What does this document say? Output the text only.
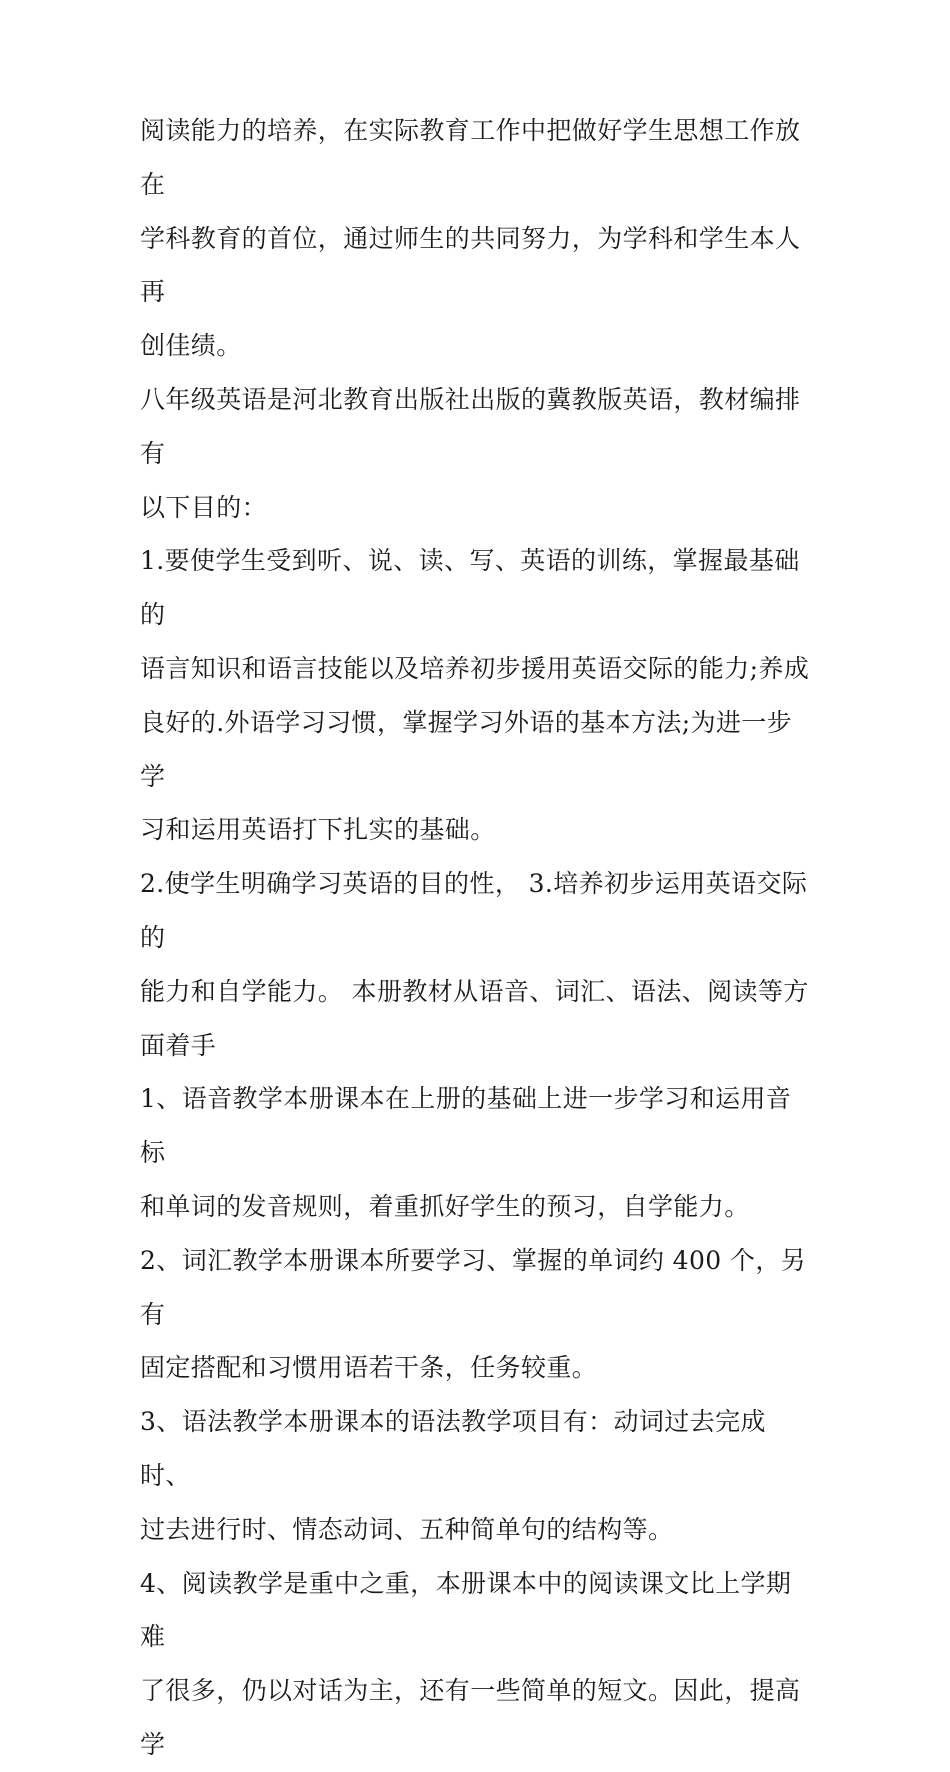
阅读能力的培养，在实际教育工作中把做好学生思想工作放在
学科教育的首位，通过师生的共同努力，为学科和学生本人再
创佳绩。

八年级英语是河北教育出版社出版的冀教版英语，教材编排有
以下目的：

1.要使学生受到听、说、读、写、英语的训练，掌握最基础的
语言知识和语言技能以及培养初步援用英语交际的能力;养成
良好的.外语学习习惯，掌握学习外语的基本方法;为进一步学
习和运用英语打下扎实的基础。

2.使学生明确学习英语的目的性， 3.培养初步运用英语交际的
能力和自学能力。 本册教材从语音、词汇、语法、阅读等方
面着手

1、语音教学本册课本在上册的基础上进一步学习和运用音标
和单词的发音规则，着重抓好学生的预习，自学能力。

2、词汇教学本册课本所要学习、掌握的单词约 400 个，另有
固定搭配和习惯用语若干条，任务较重。

3、语法教学本册课本的语法教学项目有：动词过去完成时、
过去进行时、情态动词、五种简单句的结构等。

4、阅读教学是重中之重，本册课本中的阅读课文比上学期难
了很多，仍以对话为主，还有一些简单的短文。因此，提高学
